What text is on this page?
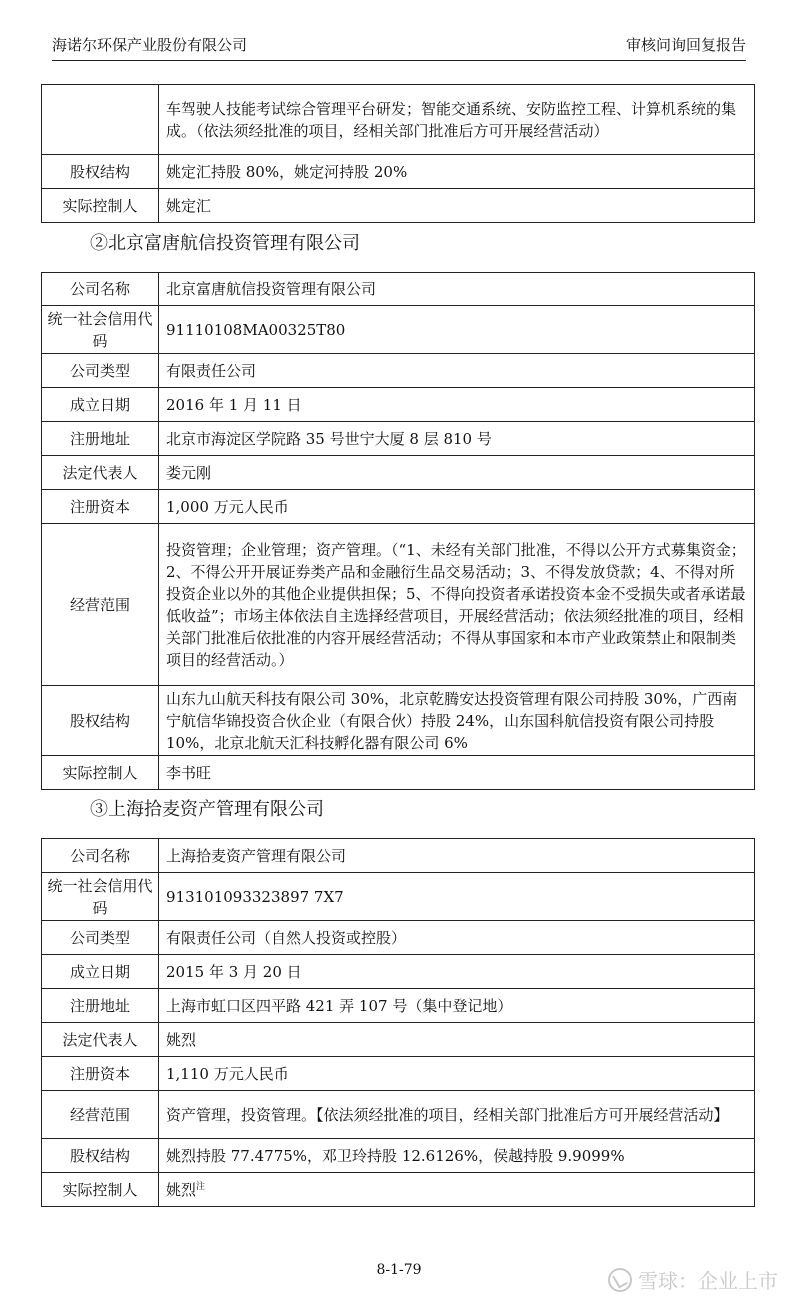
海诺尔环保产业股份有限公司	审核问询回复报告
	车驾驶人技能考试综合管理平台研发；智能交通系统、安防监控工程、计算机系统的集成。（依法须经批准的项目，经相关部门批准后方可开展经营活动）
股权结构	姚定汇持股 80%，姚定河持股 20%
实际控制人	姚定汇
②北京富唐航信投资管理有限公司
公司名称	北京富唐航信投资管理有限公司
统一社会信用代码	91110108MA00325T80
公司类型	有限责任公司
成立日期	2016 年 1 月 11 日
注册地址	北京市海淀区学院路 35 号世宁大厦 8 层 810 号
法定代表人	娄元刚
注册资本	1,000 万元人民币
经营范围	投资管理；企业管理；资产管理。（“1、未经有关部门批准，不得以公开方式募集资金；2、不得公开开展证券类产品和金融衍生品交易活动；3、不得发放贷款；4、不得对所投资企业以外的其他企业提供担保；5、不得向投资者承诺投资本金不受损失或者承诺最低收益”；市场主体依法自主选择经营项目，开展经营活动；依法须经批准的项目，经相关部门批准后依批准的内容开展经营活动；不得从事国家和本市产业政策禁止和限制类项目的经营活动。）
股权结构	山东九山航天科技有限公司 30%，北京乾腾安达投资管理有限公司持股 30%，广西南宁航信华锦投资合伙企业（有限合伙）持股 24%，山东国科航信投资有限公司持股 10%，北京北航天汇科技孵化器有限公司 6%
实际控制人	李书旺
③上海拾麦资产管理有限公司
公司名称	上海拾麦资产管理有限公司
统一社会信用代码	913101093323897 7X7
公司类型	有限责任公司（自然人投资或控股）
成立日期	2015 年 3 月 20 日
注册地址	上海市虹口区四平路 421 弄 107 号（集中登记地）
法定代表人	姚烈
注册资本	1,110 万元人民币
经营范围	资产管理，投资管理。【依法须经批准的项目，经相关部门批准后方可开展经营活动】
股权结构	姚烈持股 77.4775%，邓卫玲持股 12.6126%，侯越持股 9.9099%
实际控制人	姚烈$^注$
8-1-79	雪球：企业上市
